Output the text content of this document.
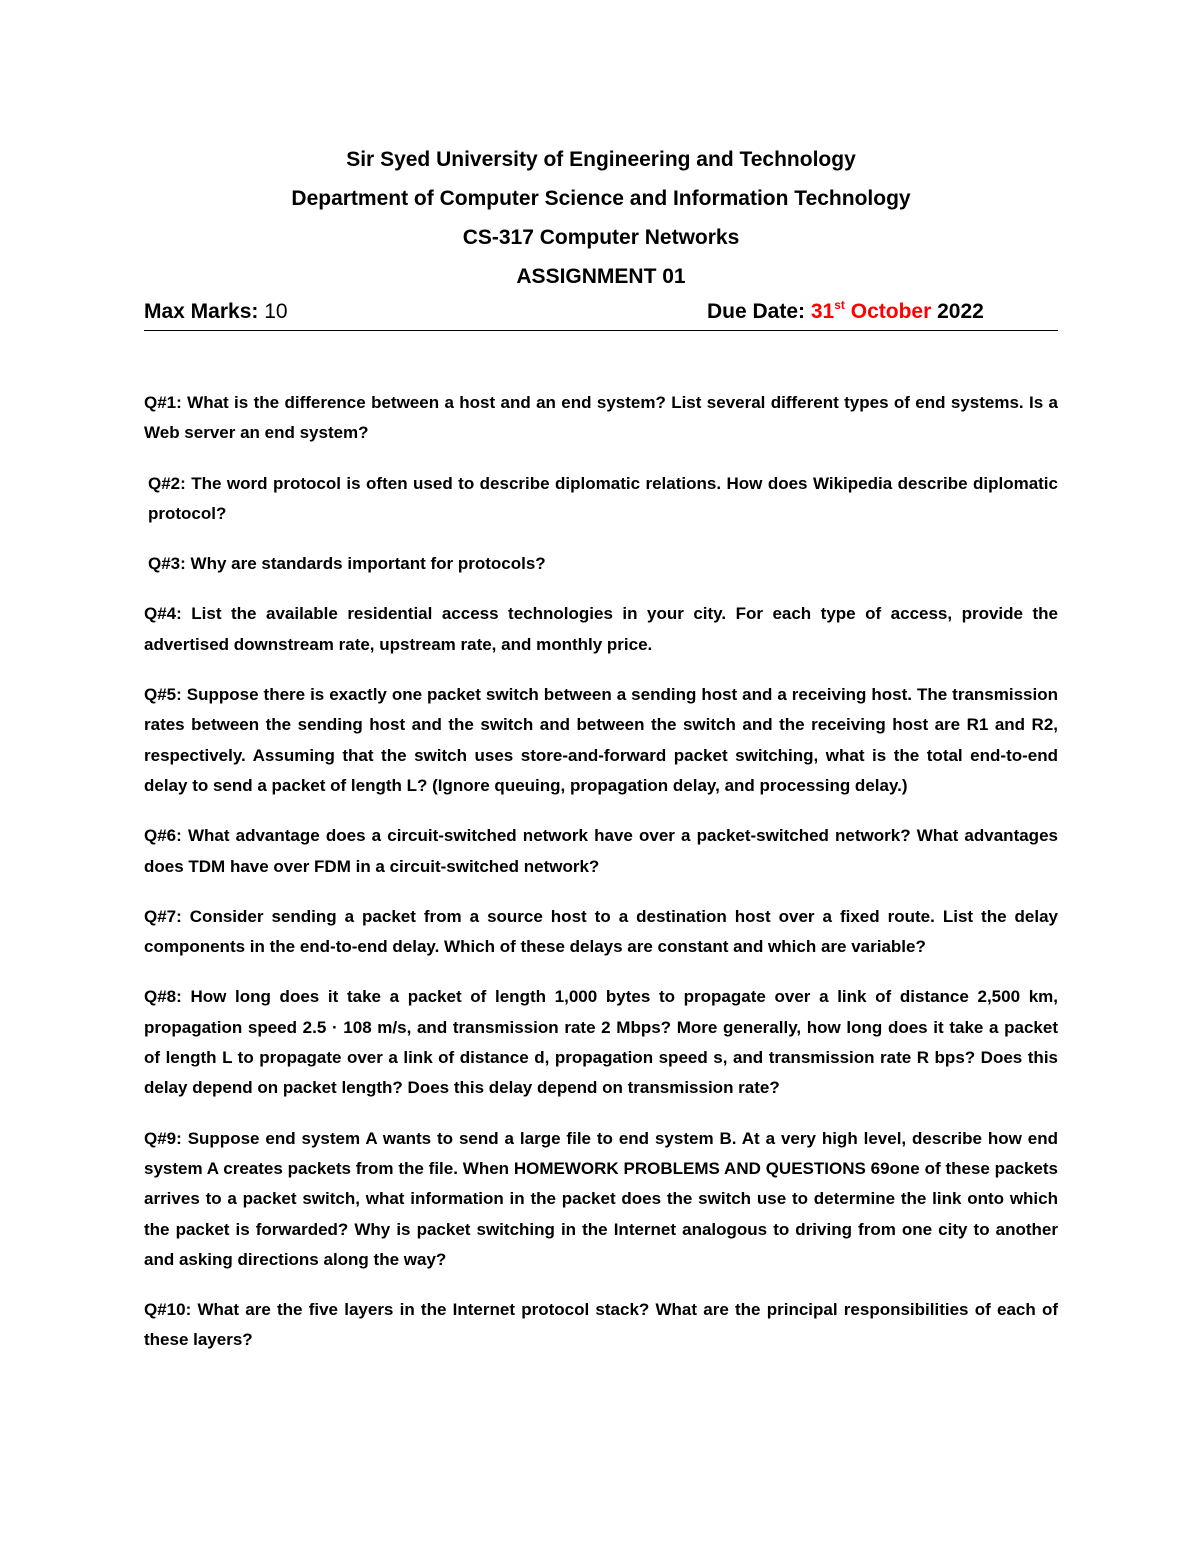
Sir Syed University of Engineering and Technology
Department of Computer Science and Information Technology
CS-317 Computer Networks
ASSIGNMENT 01
Max Marks: 10	Due Date: 31st October 2022
Q#1: What is the difference between a host and an end system? List several different types of end systems. Is a Web server an end system?
Q#2: The word protocol is often used to describe diplomatic relations. How does Wikipedia describe diplomatic protocol?
Q#3: Why are standards important for protocols?
Q#4: List the available residential access technologies in your city. For each type of access, provide the advertised downstream rate, upstream rate, and monthly price.
Q#5: Suppose there is exactly one packet switch between a sending host and a receiving host. The transmission rates between the sending host and the switch and between the switch and the receiving host are R1 and R2, respectively. Assuming that the switch uses store-and-forward packet switching, what is the total end-to-end delay to send a packet of length L? (Ignore queuing, propagation delay, and processing delay.)
Q#6: What advantage does a circuit-switched network have over a packet-switched network? What advantages does TDM have over FDM in a circuit-switched network?
Q#7: Consider sending a packet from a source host to a destination host over a fixed route. List the delay components in the end-to-end delay. Which of these delays are constant and which are variable?
Q#8: How long does it take a packet of length 1,000 bytes to propagate over a link of distance 2,500 km, propagation speed 2.5 · 108 m/s, and transmission rate 2 Mbps? More generally, how long does it take a packet of length L to propagate over a link of distance d, propagation speed s, and transmission rate R bps? Does this delay depend on packet length? Does this delay depend on transmission rate?
Q#9: Suppose end system A wants to send a large file to end system B. At a very high level, describe how end system A creates packets from the file. When HOMEWORK PROBLEMS AND QUESTIONS 69one of these packets arrives to a packet switch, what information in the packet does the switch use to determine the link onto which the packet is forwarded? Why is packet switching in the Internet analogous to driving from one city to another and asking directions along the way?
Q#10: What are the five layers in the Internet protocol stack? What are the principal responsibilities of each of these layers?
